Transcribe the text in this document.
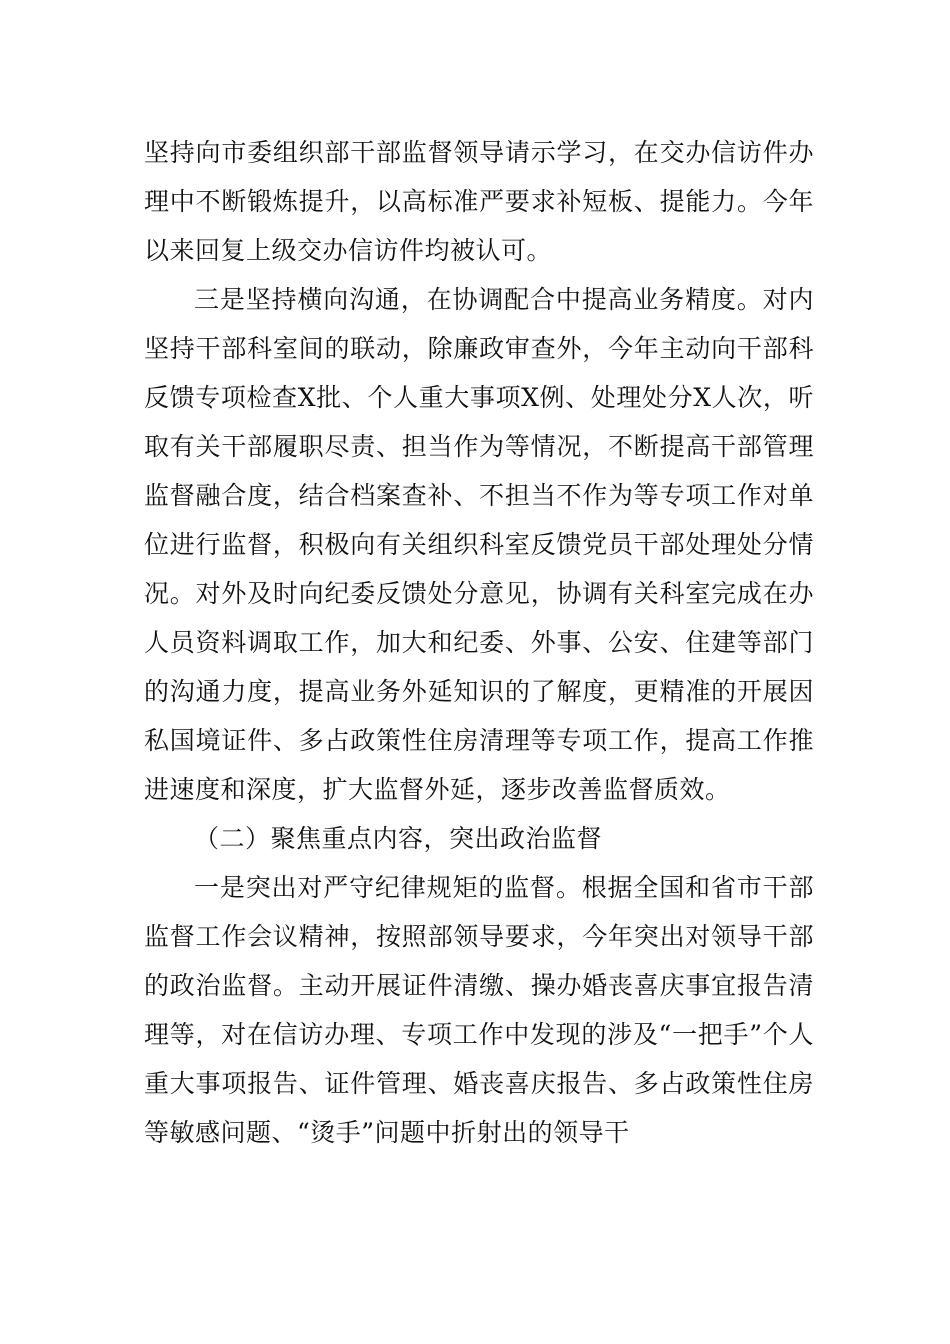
坚持向市委组织部干部监督领导请示学习，在交办信访件办理中不断锻炼提升，以高标准严要求补短板、提能力。今年以来回复上级交办信访件均被认可。

三是坚持横向沟通，在协调配合中提高业务精度。对内坚持干部科室间的联动，除廉政审查外，今年主动向干部科反馈专项检查X批、个人重大事项X例、处理处分X人次，听取有关干部履职尽责、担当作为等情况，不断提高干部管理监督融合度，结合档案查补、不担当不作为等专项工作对单位进行监督，积极向有关组织科室反馈党员干部处理处分情况。对外及时向纪委反馈处分意见，协调有关科室完成在办人员资料调取工作，加大和纪委、外事、公安、住建等部门的沟通力度，提高业务外延知识的了解度，更精准的开展因私国境证件、多占政策性住房清理等专项工作，提高工作推进速度和深度，扩大监督外延，逐步改善监督质效。

（二）聚焦重点内容，突出政治监督

一是突出对严守纪律规矩的监督。根据全国和省市干部监督工作会议精神，按照部领导要求，今年突出对领导干部的政治监督。主动开展证件清缴、操办婚丧喜庆事宜报告清理等，对在信访办理、专项工作中发现的涉及“一把手”个人重大事项报告、证件管理、婚丧喜庆报告、多占政策性住房等敏感问题、“烫手”问题中折射出的领导干
